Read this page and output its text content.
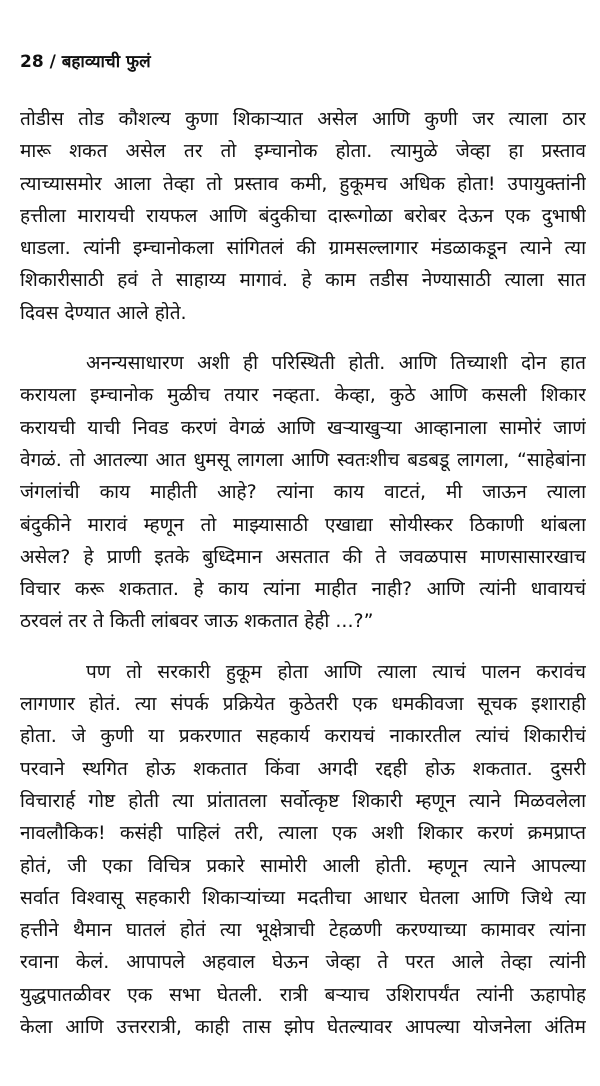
28 / बहाव्याची फुलं
तोडीस तोड कौशल्य कुणा शिकाऱ्यात असेल आणि कुणी जर त्याला ठार
मारू शकत असेल तर तो इम्चानोक होता. त्यामुळे जेव्हा हा प्रस्ताव
त्याच्यासमोर आला तेव्हा तो प्रस्ताव कमी, हुकूमच अधिक होता! उपायुक्तांनी
हत्तीला मारायची रायफल आणि बंदुकीचा दारूगोळा बरोबर देऊन एक दुभाषी
धाडला. त्यांनी इम्चानोकला सांगितलं की ग्रामसल्लागार मंडळाकडून त्याने त्या
शिकारीसाठी हवं ते साहाय्य मागावं. हे काम तडीस नेण्यासाठी त्याला सात
दिवस देण्यात आले होते.
अनन्यसाधारण अशी ही परिस्थिती होती. आणि तिच्याशी दोन हात
करायला इम्चानोक मुळीच तयार नव्हता. केव्हा, कुठे आणि कसली शिकार
करायची याची निवड करणं वेगळं आणि खऱ्याखुऱ्या आव्हानाला सामोरं जाणं
वेगळं. तो आतल्या आत धुमसू लागला आणि स्वतःशीच बडबडू लागला, “साहेबांना
जंगलांची काय माहीती आहे? त्यांना काय वाटतं, मी जाऊन त्याला
बंदुकीने मारावं म्हणून तो माझ्यासाठी एखाद्या सोयीस्कर ठिकाणी थांबला
असेल? हे प्राणी इतके बुध्दिमान असतात की ते जवळपास माणसासारखाच
विचार करू शकतात. हे काय त्यांना माहीत नाही? आणि त्यांनी धावायचं
ठरवलं तर ते किती लांबवर जाऊ शकतात हेही ...?”
पण तो सरकारी हुकूम होता आणि त्याला त्याचं पालन करावंच
लागणार होतं. त्या संपर्क प्रक्रियेत कुठेतरी एक धमकीवजा सूचक इशाराही
होता. जे कुणी या प्रकरणात सहकार्य करायचं नाकारतील त्यांचं शिकारीचं
परवाने स्थगित होऊ शकतात किंवा अगदी रद्दही होऊ शकतात. दुसरी
विचारार्ह गोष्ट होती त्या प्रांतातला सर्वोत्कृष्ट शिकारी म्हणून त्याने मिळवलेला
नावलौकिक! कसंही पाहिलं तरी, त्याला एक अशी शिकार करणं क्रमप्राप्त
होतं, जी एका विचित्र प्रकारे सामोरी आली होती. म्हणून त्याने आपल्या
सर्वात विश्वासू सहकारी शिकाऱ्यांच्या मदतीचा आधार घेतला आणि जिथे त्या
हत्तीने थैमान घातलं होतं त्या भूक्षेत्राची टेहळणी करण्याच्या कामावर त्यांना
रवाना केलं. आपापले अहवाल घेऊन जेव्हा ते परत आले तेव्हा त्यांनी
युद्धपातळीवर एक सभा घेतली. रात्री बऱ्याच उशिरापर्यंत त्यांनी ऊहापोह
केला आणि उत्तररात्री, काही तास झोप घेतल्यावर आपल्या योजनेला अंतिम
